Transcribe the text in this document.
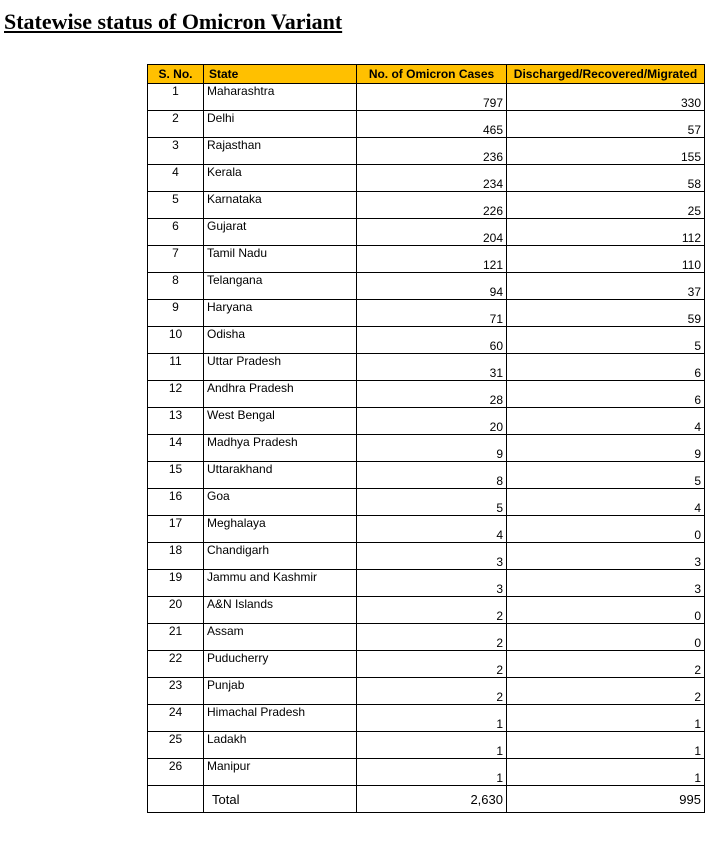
Statewise status of Omicron Variant
S. No.	State	No. of Omicron Cases	Discharged/Recovered/Migrated
1	Maharashtra	797	330
2	Delhi	465	57
3	Rajasthan	236	155
4	Kerala	234	58
5	Karnataka	226	25
6	Gujarat	204	112
7	Tamil Nadu	121	110
8	Telangana	94	37
9	Haryana	71	59
10	Odisha	60	5
11	Uttar Pradesh	31	6
12	Andhra Pradesh	28	6
13	West Bengal	20	4
14	Madhya Pradesh	9	9
15	Uttarakhand	8	5
16	Goa	5	4
17	Meghalaya	4	0
18	Chandigarh	3	3
19	Jammu and Kashmir	3	3
20	A&N Islands	2	0
21	Assam	2	0
22	Puducherry	2	2
23	Punjab	2	2
24	Himachal Pradesh	1	1
25	Ladakh	1	1
26	Manipur	1	1
	Total	2,630	995
